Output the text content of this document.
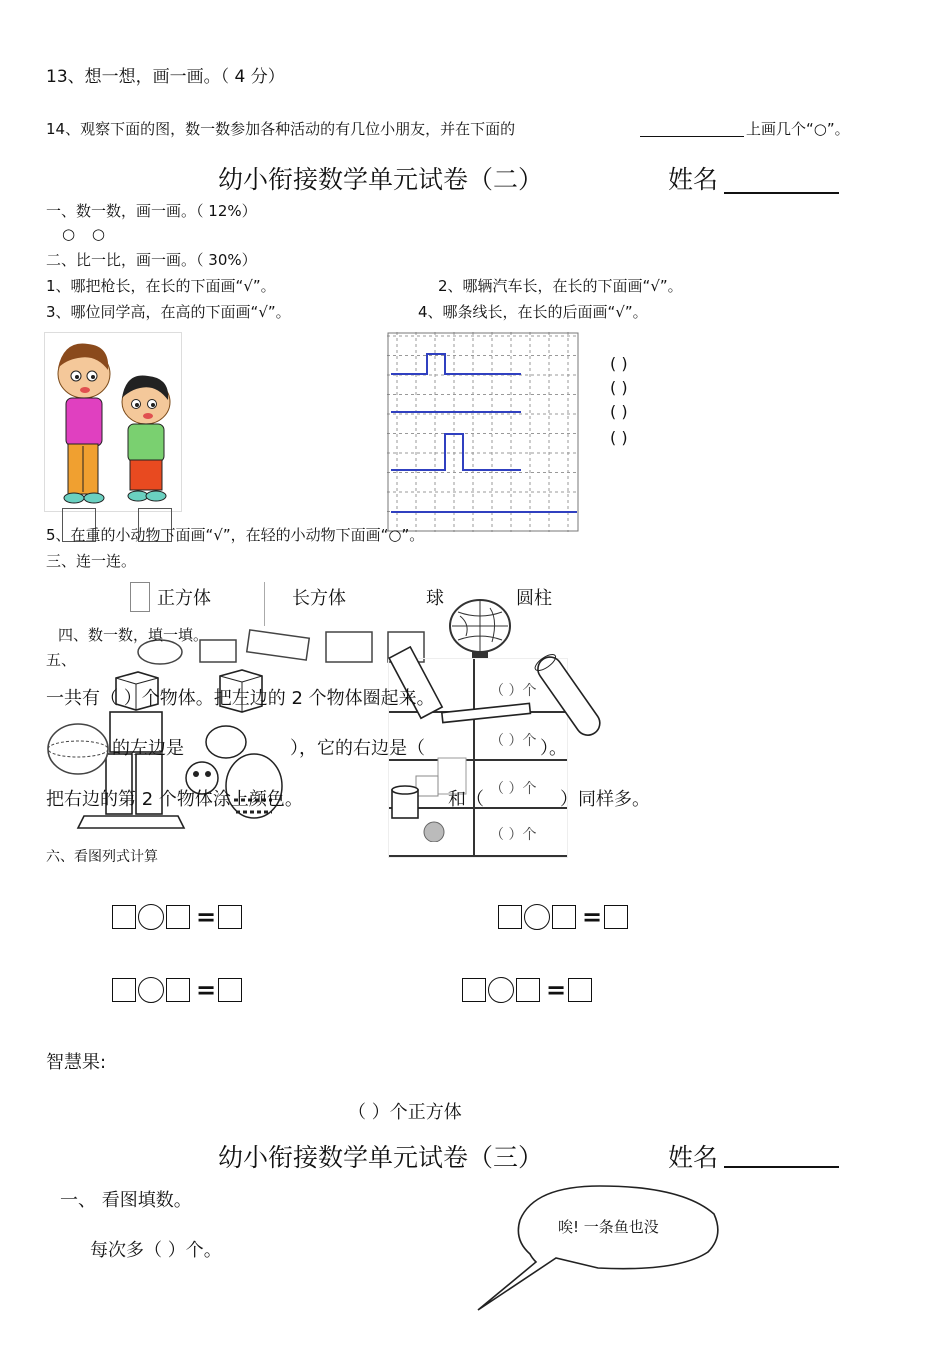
13、想一想，画一画。（ 4 分）
14、观察下面的图，数一数参加各种活动的有几位小朋友，并在下面的	上画几个“○”。
幼小衔接数学单元试卷（二）	姓名
一、数一数，画一画。（ 12%）
○ ○
二、比一比，画一画。（ 30%）
1、哪把枪长，在长的下面画“√”。	2、哪辆汽车长，在长的下面画“√”。
3、哪位同学高，在高的下面画“√”。	4、哪条线长，在长的后面画“√”。
( )
( )
( )
( )
5、在重的小动物下面画“√”，在轻的小动物下面画“○”。
三、连一连。
正方体	长方体	球	圆柱
四、数一数，填一填。
五、
（ ）个
（ ）个
（ ）个
（ ）个
一共有（ ）个物体。把左边的 2 个物体圈起来。
的左边是	），它的右边是（	）。
把右边的第 2 个物体涂上颜色。	和（	）同样多。
六、看图列式计算
=	=
=	=
智慧果:
（ ）个正方体
幼小衔接数学单元试卷（三）	姓名
一、 看图填数。
每次多（ ）个。
唉! 一条鱼也没
